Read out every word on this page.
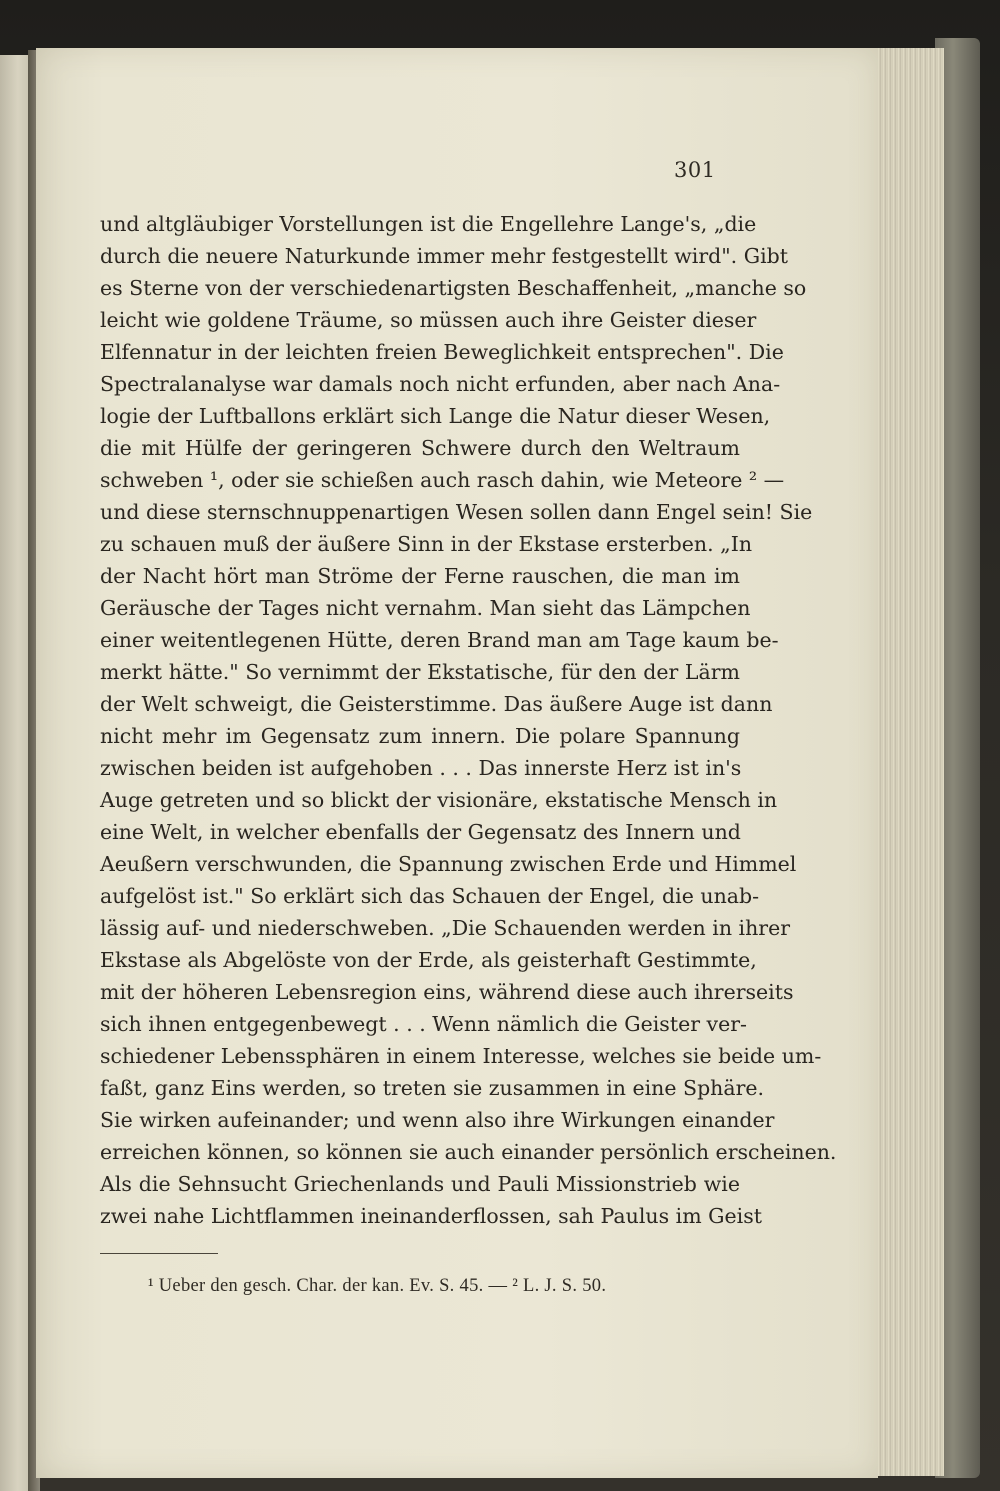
301
und altgläubiger Vorstellungen ist die Engellehre Lange's, „die
durch die neuere Naturkunde immer mehr festgestellt wird". Gibt
es Sterne von der verschiedenartigsten Beschaffenheit, „manche so
leicht wie goldene Träume, so müssen auch ihre Geister dieser
Elfennatur in der leichten freien Beweglichkeit entsprechen". Die
Spectralanalyse war damals noch nicht erfunden, aber nach Ana-
logie der Luftballons erklärt sich Lange die Natur dieser Wesen,
die mit Hülfe der geringeren Schwere durch den Weltraum
schweben ¹, oder sie schießen auch rasch dahin, wie Meteore ² —
und diese sternschnuppenartigen Wesen sollen dann Engel sein! Sie
zu schauen muß der äußere Sinn in der Ekstase ersterben. „In
der Nacht hört man Ströme der Ferne rauschen, die man im
Geräusche der Tages nicht vernahm. Man sieht das Lämpchen
einer weitentlegenen Hütte, deren Brand man am Tage kaum be-
merkt hätte." So vernimmt der Ekstatische, für den der Lärm
der Welt schweigt, die Geisterstimme. Das äußere Auge ist dann
nicht mehr im Gegensatz zum innern. Die polare Spannung
zwischen beiden ist aufgehoben . . . Das innerste Herz ist in's
Auge getreten und so blickt der visionäre, ekstatische Mensch in
eine Welt, in welcher ebenfalls der Gegensatz des Innern und
Aeußern verschwunden, die Spannung zwischen Erde und Himmel
aufgelöst ist." So erklärt sich das Schauen der Engel, die unab-
lässig auf- und niederschweben. „Die Schauenden werden in ihrer
Ekstase als Abgelöste von der Erde, als geisterhaft Gestimmte,
mit der höheren Lebensregion eins, während diese auch ihrerseits
sich ihnen entgegenbewegt . . . Wenn nämlich die Geister ver-
schiedener Lebenssphären in einem Interesse, welches sie beide um-
faßt, ganz Eins werden, so treten sie zusammen in eine Sphäre.
Sie wirken aufeinander; und wenn also ihre Wirkungen einander
erreichen können, so können sie auch einander persönlich erscheinen.
Als die Sehnsucht Griechenlands und Pauli Missionstrieb wie
zwei nahe Lichtflammen ineinanderflossen, sah Paulus im Geist
¹ Ueber den gesch. Char. der kan. Ev. S. 45. — ² L. J. S. 50.
